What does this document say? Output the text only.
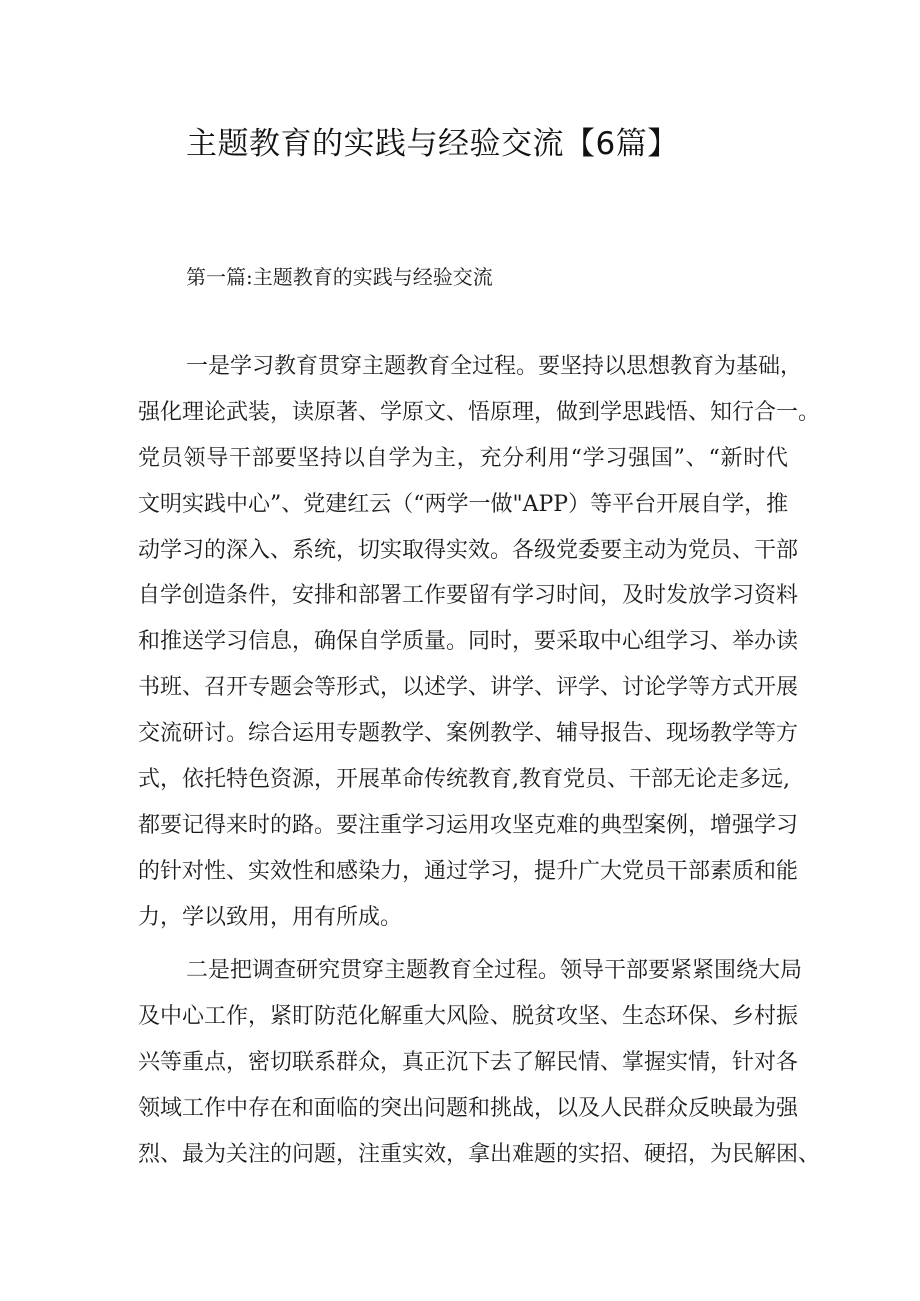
主题教育的实践与经验交流【6篇】
第一篇:主题教育的实践与经验交流
一是学习教育贯穿主题教育全过程。要坚持以思想教育为基础，
强化理论武装，读原著、学原文、悟原理，做到学思践悟、知行合一。
党员领导干部要坚持以自学为主，充分利用“学习强国”、“新时代
文明实践中心”、党建红云（“两学一做"APP）等平台开展自学，推
动学习的深入、系统，切实取得实效。各级党委要主动为党员、干部
自学创造条件，安排和部署工作要留有学习时间，及时发放学习资料
和推送学习信息，确保自学质量。同时，要采取中心组学习、举办读
书班、召开专题会等形式，以述学、讲学、评学、讨论学等方式开展
交流研讨。综合运用专题教学、案例教学、辅导报告、现场教学等方
式，依托特色资源，开展革命传统教育,教育党员、干部无论走多远,
都要记得来时的路。要注重学习运用攻坚克难的典型案例，增强学习
的针对性、实效性和感染力，通过学习，提升广大党员干部素质和能
力，学以致用，用有所成。
二是把调查研究贯穿主题教育全过程。领导干部要紧紧围绕大局
及中心工作，紧盯防范化解重大风险、脱贫攻坚、生态环保、乡村振
兴等重点，密切联系群众，真正沉下去了解民情、掌握实情，针对各
领域工作中存在和面临的突出问题和挑战，以及人民群众反映最为强
烈、最为关注的问题，注重实效，拿出难题的实招、硬招，为民解困、
